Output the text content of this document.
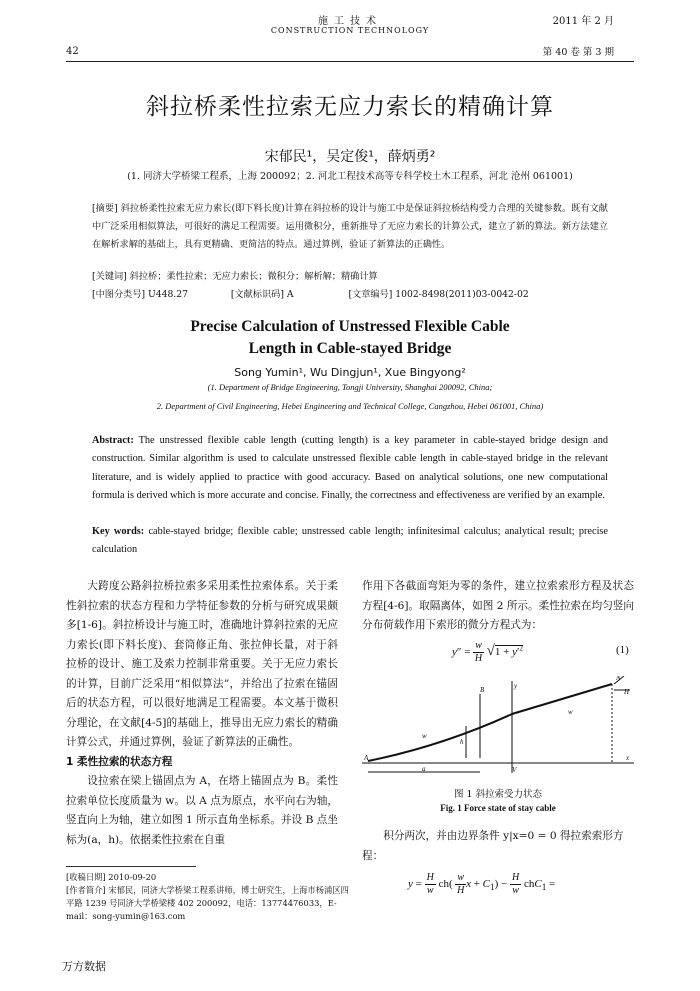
施工技术
CONSTRUCTION TECHNOLOGY
42
2011 年 2 月
第 40 卷 第 3 期
斜拉桥柔性拉索无应力索长的精确计算
宋郁民¹，吴定俊¹，薛炳勇²
(1. 同济大学桥梁工程系，上海 200092；2. 河北工程技术高等专科学校土木工程系，河北 沧州 061001)
[摘要] 斜拉桥柔性拉索无应力索长(即下料长度)计算在斜拉桥的设计与施工中是保证斜拉桥结构受力合理的关键参数。既有文献中广泛采用相似算法，可很好的满足工程需要。运用微积分，重新推导了无应力索长的计算公式，建立了新的算法。新方法建立在解析求解的基础上，具有更精确、更简洁的特点。通过算例，验证了新算法的正确性。
[关键词] 斜拉桥；柔性拉索；无应力索长；微积分；解析解；精确计算
[中图分类号] U448.27	[文献标识码] A	[文章编号] 1002-8498(2011)03-0042-02
Precise Calculation of Unstressed Flexible Cable
Length in Cable-stayed Bridge
Song Yumin¹, Wu Dingjun¹, Xue Bingyong²
(1. Department of Bridge Engineering, Tongji University, Shanghai 200092, China;
2. Department of Civil Engineering, Hebei Engineering and Technical College, Cangzhou, Hebei 061001, China)
Abstract: The unstressed flexible cable length (cutting length) is a key parameter in cable-stayed bridge design and construction. Similar algorithm is used to calculate unstressed flexible cable length in cable-stayed bridge in the relevant literature, and is widely applied to practice with good accuracy. Based on analytical solutions, one new computational formula is derived which is more accurate and concise. Finally, the correctness and effectiveness are verified by an example.
Key words: cable-stayed bridge; flexible cable; unstressed cable length; infinitesimal calculus; analytical result; precise calculation
大跨度公路斜拉桥拉索多采用柔性拉索体系。关于柔性斜拉索的状态方程和力学特征参数的分析与研究成果颇多[1-6]。斜拉桥设计与施工时，准确地计算斜拉索的无应力索长(即下料长度)、套筒修正角、张拉伸长量，对于斜拉桥的设计、施工及索力控制非常重要。关于无应力索长的计算，目前广泛采用“相似算法”，并给出了拉索在锚固后的状态方程，可以很好地满足工程需要。本文基于微积分理论，在文献[4-5]的基础上，推导出无应力索长的精确计算公式，并通过算例，验证了新算法的正确性。
1 柔性拉索的状态方程
设拉索在梁上锚固点为 A，在塔上锚固点为 B。柔性拉索单位长度质量为 w。以 A 点为原点，水平向右为轴，竖直向上为轴，建立如图 1 所示直角坐标系。并设 B 点坐标为(a，h)。依据柔性拉索在自重
作用下各截面弯矩为零的条件，建立拉索索形方程及状态方程[4-6]。取隔离体，如图 2 所示。柔性拉索在均匀竖向分布荷载作用下索形的微分方程式为：
$y'' = \frac{w}{H} √1 + y'^2$	(1)
A
B	y
x
a
h
w
w
N
H
V
图 1 斜拉索受力状态
Fig. 1 Force state of stay cable
积分两次，并由边界条件 y|x=0 = 0 得拉索索形方程：
$y = \frac{H}{w} ch( \frac{w}{H}$ $x + C_1) - \frac{H}{w} chC_1$ =
[收稿日期] 2010-09-20
[作者简介] 宋郁民，同济大学桥梁工程系讲师，博士研究生，上海市杨浦区四平路 1239 号同济大学桥梁楼 402 200092，电话：13774476033，E-mail：song-yumin@163.com
万方数据
